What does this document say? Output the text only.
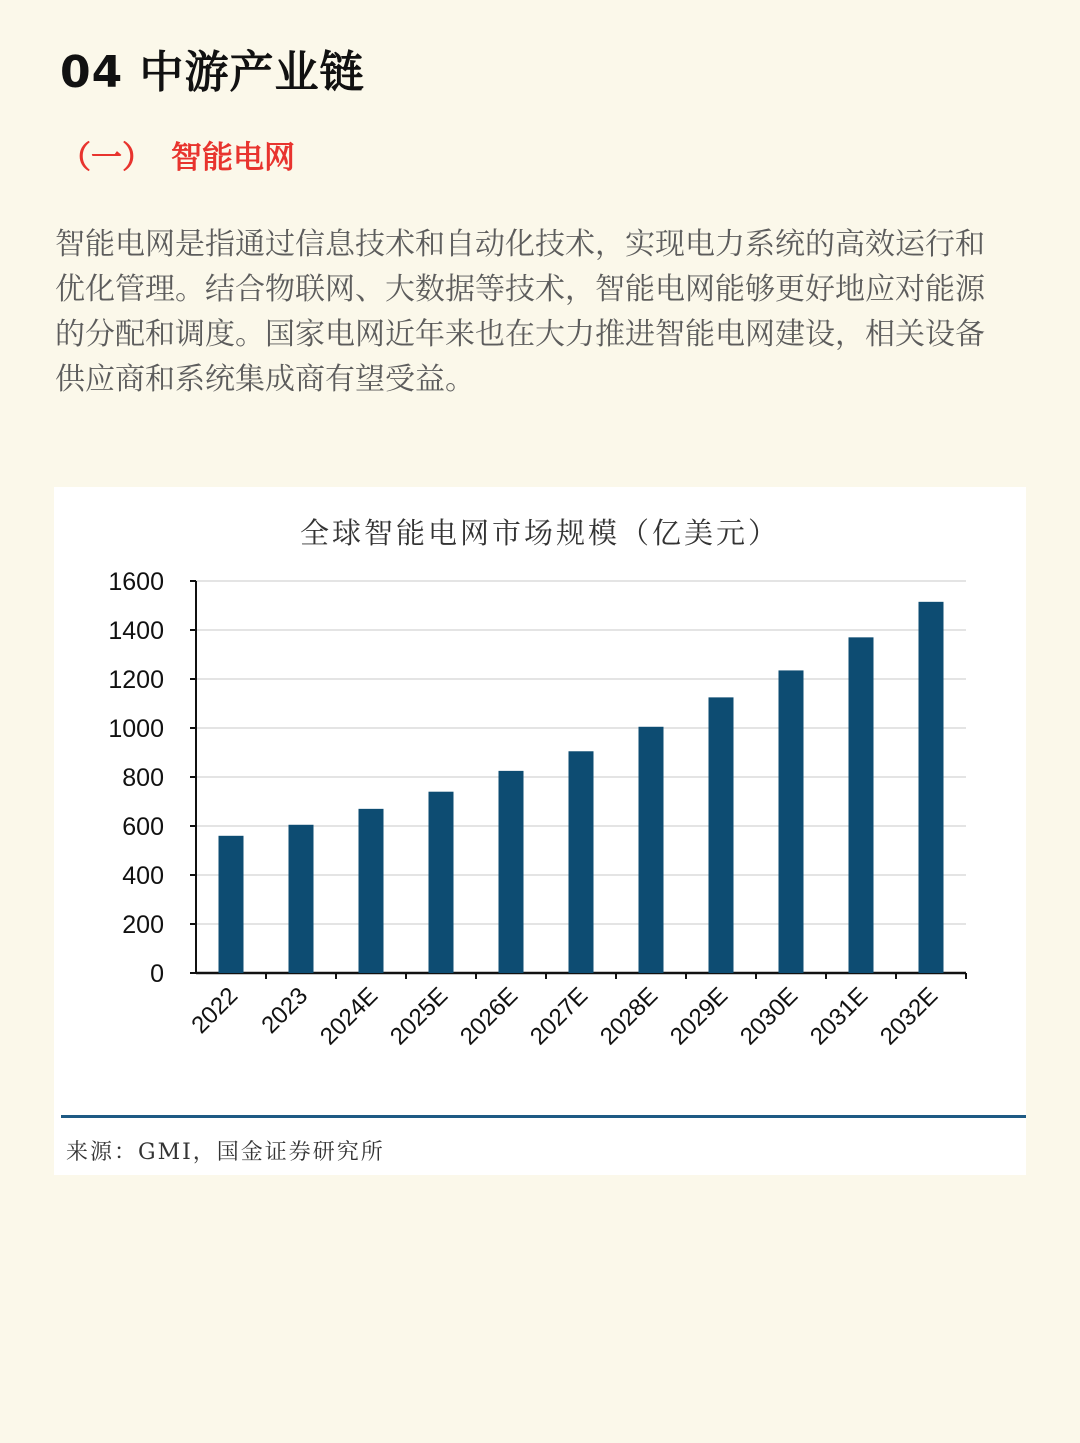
04 中游产业链
（一） 智能电网

智能电网是指通过信息技术和自动化技术，实现电力系统的高效运行和优化管理。结合物联网、大数据等技术，智能电网能够更好地应对能源的分配和调度。国家电网近年来也在大力推进智能电网建设，相关设备供应商和系统集成商有望受益。

全球智能电网市场规模（亿美元）
0
200
400
600
800
1000
1200
1400
1600
2022 2023 2024E 2025E 2026E 2027E 2028E 2029E 2030E 2031E 2032E
来源：GMI，国金证券研究所
